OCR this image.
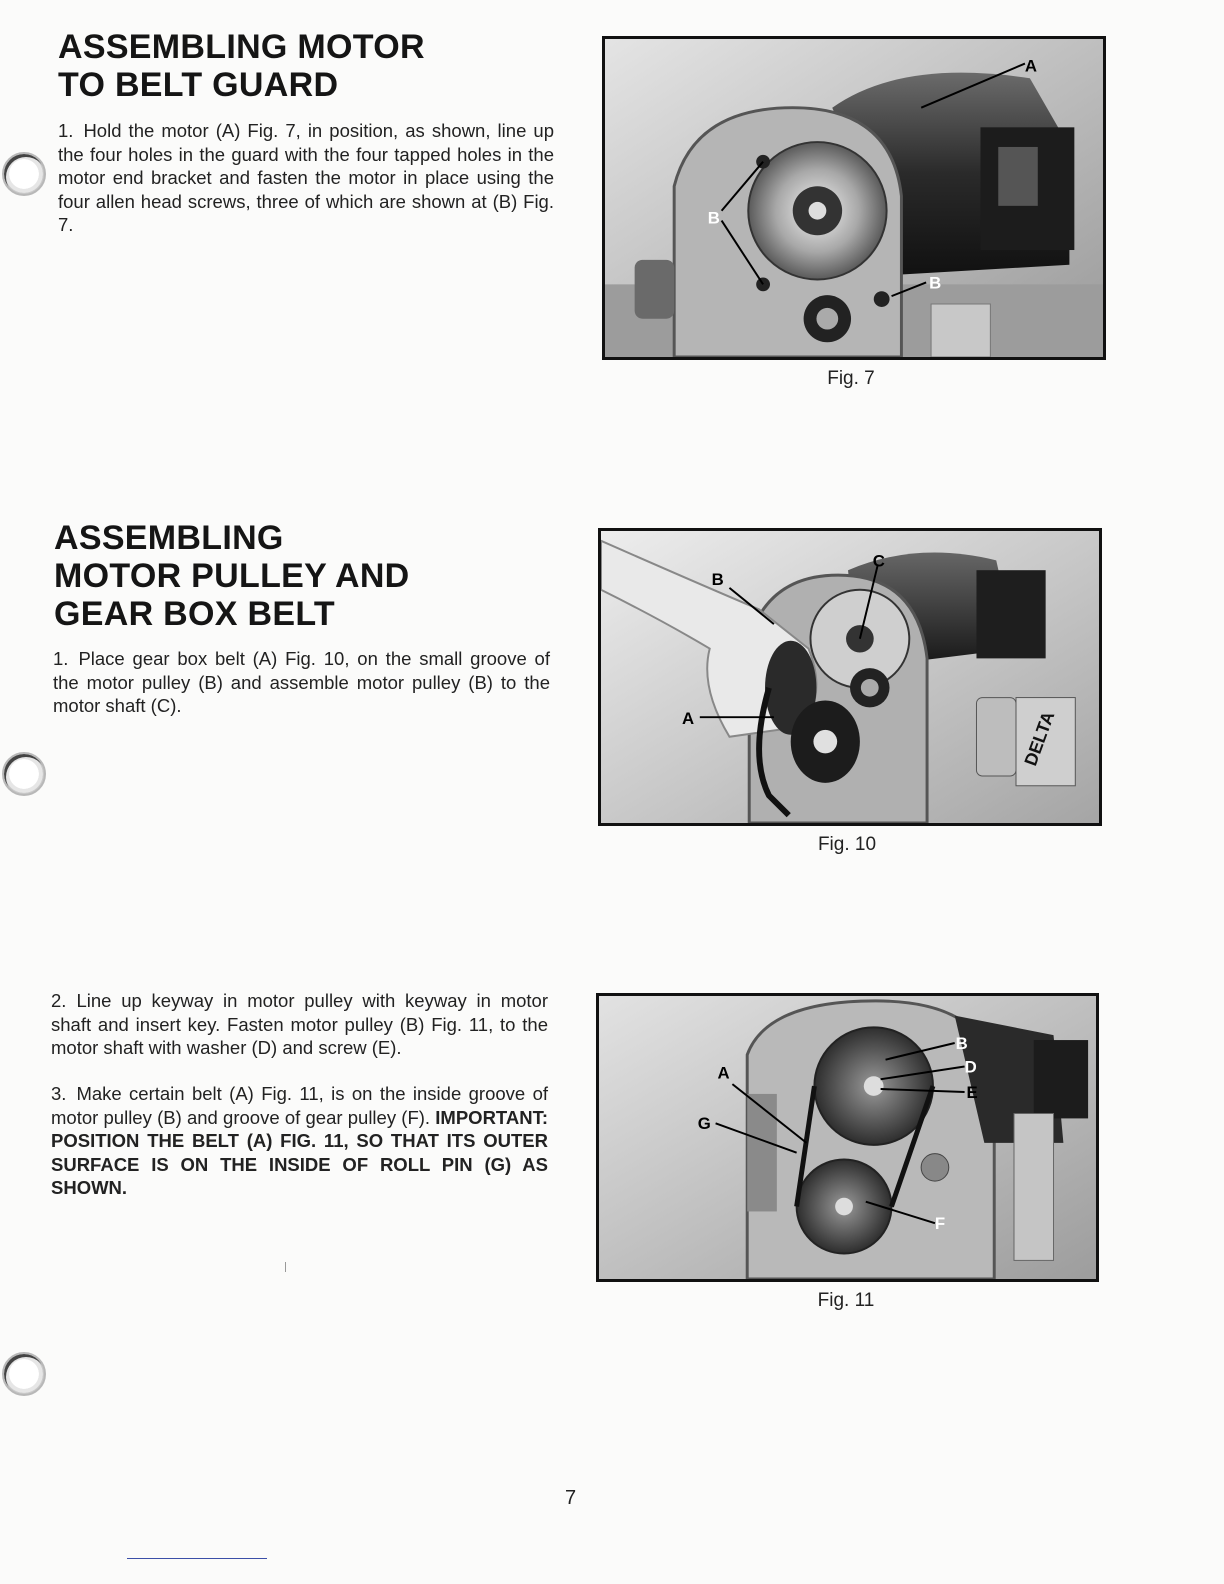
ASSEMBLING MOTOR
TO BELT GUARD

1. Hold the motor (A) Fig. 7, in position, as shown, line up the four holes in the guard with the four tapped holes in the motor end bracket and fasten the motor in place using the four allen head screws, three of which are shown at (B) Fig. 7.

A
B
B
Fig. 7
ASSEMBLING
MOTOR PULLEY AND
GEAR BOX BELT

1. Place gear box belt (A) Fig. 10, on the small groove of the motor pulley (B) and assemble motor pulley (B) to the motor shaft (C).

DELTA
B
C
A
Fig. 10

2. Line up keyway in motor pulley with keyway in motor shaft and insert key. Fasten motor pulley (B) Fig. 11, to the motor shaft with washer (D) and screw (E).

3. Make certain belt (A) Fig. 11, is on the inside groove of motor pulley (B) and groove of gear pulley (F). IMPORTANT: POSITION THE BELT (A) FIG. 11, SO THAT ITS OUTER SURFACE IS ON THE INSIDE OF ROLL PIN (G) AS SHOWN.

B
D
E
A
G
F
Fig. 11
7
